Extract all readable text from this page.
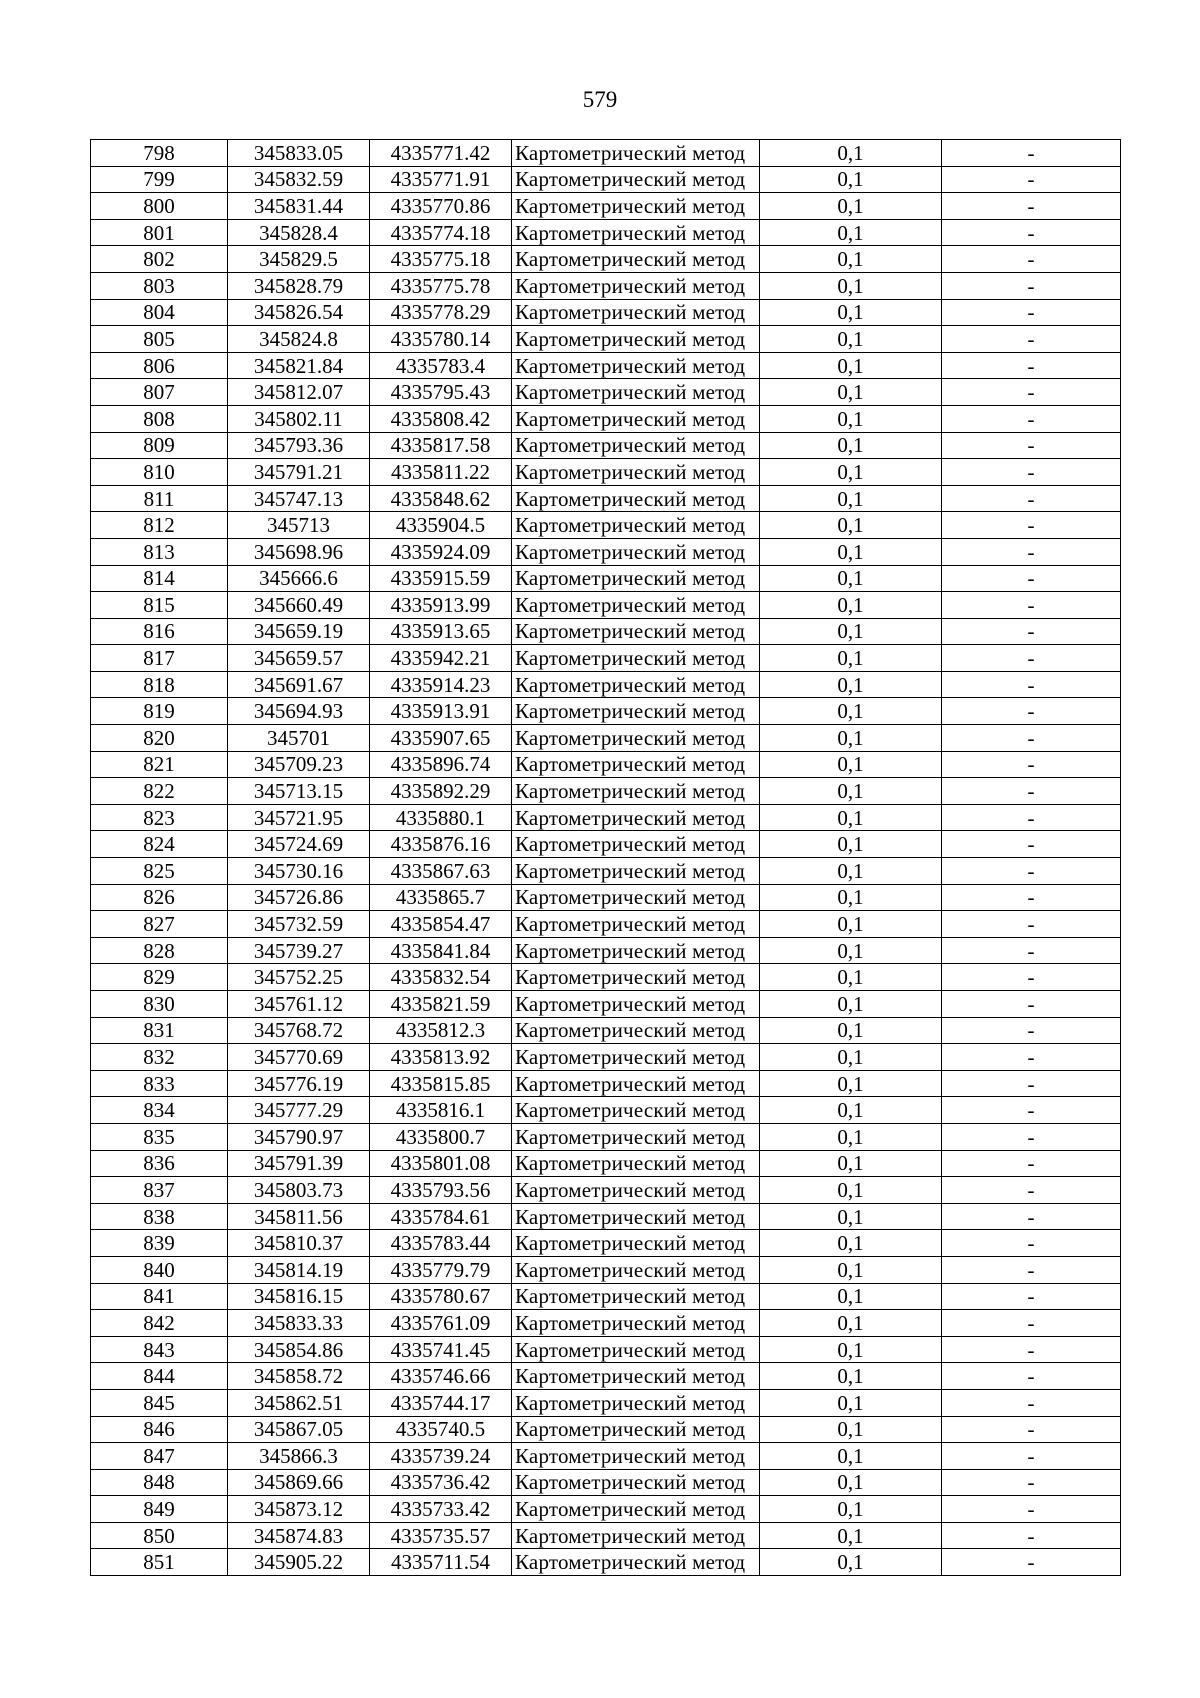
579
798	345833.05	4335771.42	Картометрический метод	0,1	-
799	345832.59	4335771.91	Картометрический метод	0,1	-
800	345831.44	4335770.86	Картометрический метод	0,1	-
801	345828.4	4335774.18	Картометрический метод	0,1	-
802	345829.5	4335775.18	Картометрический метод	0,1	-
803	345828.79	4335775.78	Картометрический метод	0,1	-
804	345826.54	4335778.29	Картометрический метод	0,1	-
805	345824.8	4335780.14	Картометрический метод	0,1	-
806	345821.84	4335783.4	Картометрический метод	0,1	-
807	345812.07	4335795.43	Картометрический метод	0,1	-
808	345802.11	4335808.42	Картометрический метод	0,1	-
809	345793.36	4335817.58	Картометрический метод	0,1	-
810	345791.21	4335811.22	Картометрический метод	0,1	-
811	345747.13	4335848.62	Картометрический метод	0,1	-
812	345713	4335904.5	Картометрический метод	0,1	-
813	345698.96	4335924.09	Картометрический метод	0,1	-
814	345666.6	4335915.59	Картометрический метод	0,1	-
815	345660.49	4335913.99	Картометрический метод	0,1	-
816	345659.19	4335913.65	Картометрический метод	0,1	-
817	345659.57	4335942.21	Картометрический метод	0,1	-
818	345691.67	4335914.23	Картометрический метод	0,1	-
819	345694.93	4335913.91	Картометрический метод	0,1	-
820	345701	4335907.65	Картометрический метод	0,1	-
821	345709.23	4335896.74	Картометрический метод	0,1	-
822	345713.15	4335892.29	Картометрический метод	0,1	-
823	345721.95	4335880.1	Картометрический метод	0,1	-
824	345724.69	4335876.16	Картометрический метод	0,1	-
825	345730.16	4335867.63	Картометрический метод	0,1	-
826	345726.86	4335865.7	Картометрический метод	0,1	-
827	345732.59	4335854.47	Картометрический метод	0,1	-
828	345739.27	4335841.84	Картометрический метод	0,1	-
829	345752.25	4335832.54	Картометрический метод	0,1	-
830	345761.12	4335821.59	Картометрический метод	0,1	-
831	345768.72	4335812.3	Картометрический метод	0,1	-
832	345770.69	4335813.92	Картометрический метод	0,1	-
833	345776.19	4335815.85	Картометрический метод	0,1	-
834	345777.29	4335816.1	Картометрический метод	0,1	-
835	345790.97	4335800.7	Картометрический метод	0,1	-
836	345791.39	4335801.08	Картометрический метод	0,1	-
837	345803.73	4335793.56	Картометрический метод	0,1	-
838	345811.56	4335784.61	Картометрический метод	0,1	-
839	345810.37	4335783.44	Картометрический метод	0,1	-
840	345814.19	4335779.79	Картометрический метод	0,1	-
841	345816.15	4335780.67	Картометрический метод	0,1	-
842	345833.33	4335761.09	Картометрический метод	0,1	-
843	345854.86	4335741.45	Картометрический метод	0,1	-
844	345858.72	4335746.66	Картометрический метод	0,1	-
845	345862.51	4335744.17	Картометрический метод	0,1	-
846	345867.05	4335740.5	Картометрический метод	0,1	-
847	345866.3	4335739.24	Картометрический метод	0,1	-
848	345869.66	4335736.42	Картометрический метод	0,1	-
849	345873.12	4335733.42	Картометрический метод	0,1	-
850	345874.83	4335735.57	Картометрический метод	0,1	-
851	345905.22	4335711.54	Картометрический метод	0,1	-
